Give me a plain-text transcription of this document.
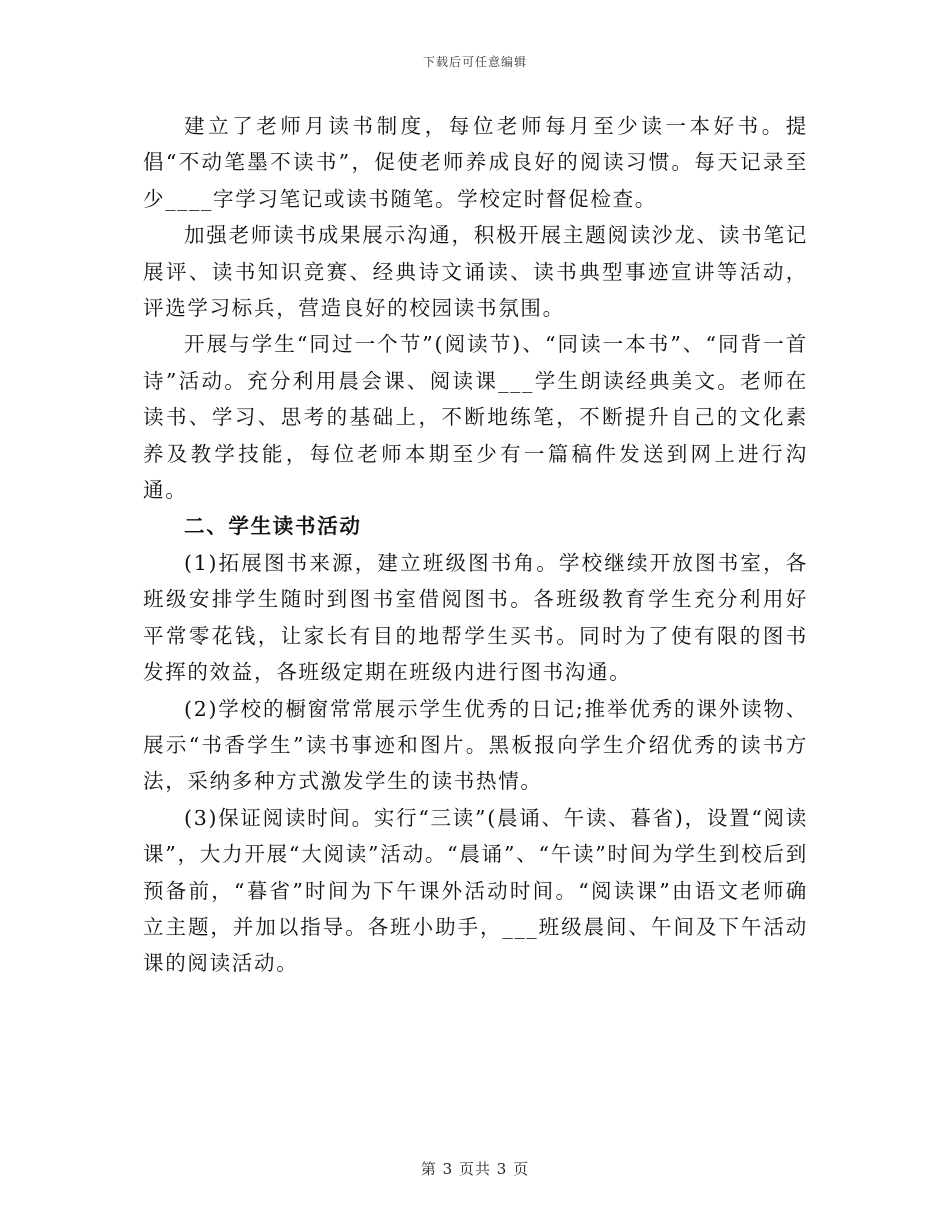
下载后可任意编辑

建立了老师月读书制度，每位老师每月至少读一本好书。提倡“不动笔墨不读书”，促使老师养成良好的阅读习惯。每天记录至少____字学习笔记或读书随笔。学校定时督促检查。

加强老师读书成果展示沟通，积极开展主题阅读沙龙、读书笔记展评、读书知识竞赛、经典诗文诵读、读书典型事迹宣讲等活动，评选学习标兵，营造良好的校园读书氛围。

开展与学生“同过一个节”(阅读节)、“同读一本书”、“同背一首诗”活动。充分利用晨会课、阅读课___学生朗读经典美文。老师在读书、学习、思考的基础上，不断地练笔，不断提升自己的文化素养及教学技能，每位老师本期至少有一篇稿件发送到网上进行沟通。

二、学生读书活动

(1)拓展图书来源，建立班级图书角。学校继续开放图书室，各班级安排学生随时到图书室借阅图书。各班级教育学生充分利用好平常零花钱，让家长有目的地帮学生买书。同时为了使有限的图书发挥的效益，各班级定期在班级内进行图书沟通。

(2)学校的橱窗常常展示学生优秀的日记;推举优秀的课外读物、展示“书香学生”读书事迹和图片。黑板报向学生介绍优秀的读书方法，采纳多种方式激发学生的读书热情。

(3)保证阅读时间。实行“三读”(晨诵、午读、暮省)，设置“阅读课”，大力开展“大阅读”活动。“晨诵”、“午读”时间为学生到校后到预备前，“暮省”时间为下午课外活动时间。“阅读课”由语文老师确立主题，并加以指导。各班小助手，___班级晨间、午间及下午活动课的阅读活动。

第 3 页共 3 页
